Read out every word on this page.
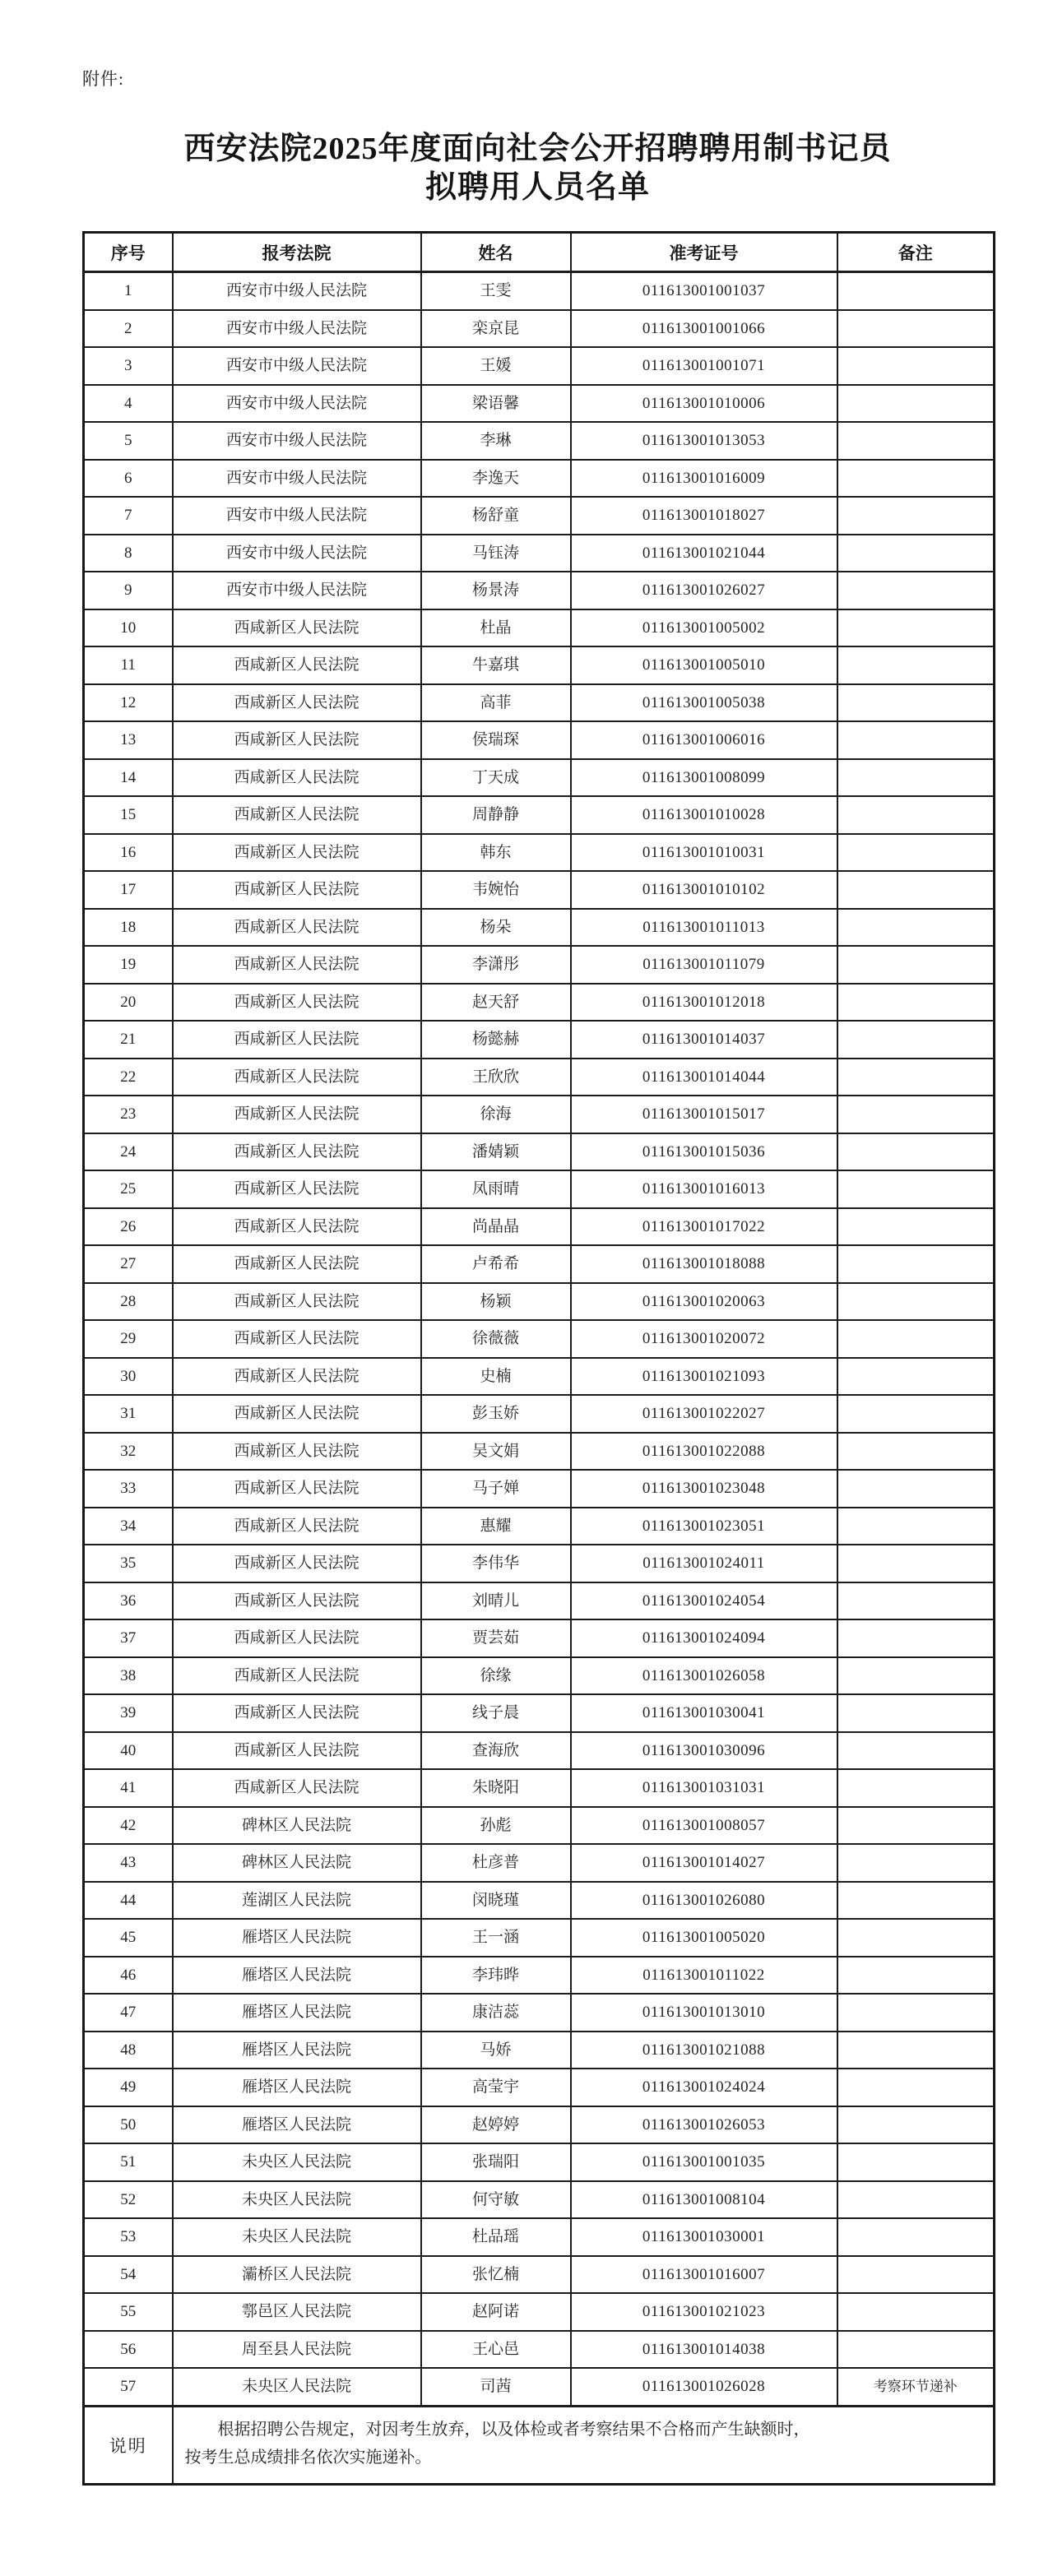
附件:
西安法院2025年度面向社会公开招聘聘用制书记员
拟聘用人员名单
序号	报考法院	姓名	准考证号	备注
1	西安市中级人民法院	王雯	011613001001037	
2	西安市中级人民法院	栾京昆	011613001001066	
3	西安市中级人民法院	王媛	011613001001071	
4	西安市中级人民法院	梁语馨	011613001010006	
5	西安市中级人民法院	李琳	011613001013053	
6	西安市中级人民法院	李逸天	011613001016009	
7	西安市中级人民法院	杨舒童	011613001018027	
8	西安市中级人民法院	马钰涛	011613001021044	
9	西安市中级人民法院	杨景涛	011613001026027	
10	西咸新区人民法院	杜晶	011613001005002	
11	西咸新区人民法院	牛嘉琪	011613001005010	
12	西咸新区人民法院	高菲	011613001005038	
13	西咸新区人民法院	侯瑞琛	011613001006016	
14	西咸新区人民法院	丁天成	011613001008099	
15	西咸新区人民法院	周静静	011613001010028	
16	西咸新区人民法院	韩东	011613001010031	
17	西咸新区人民法院	韦婉怡	011613001010102	
18	西咸新区人民法院	杨朵	011613001011013	
19	西咸新区人民法院	李潇彤	011613001011079	
20	西咸新区人民法院	赵天舒	011613001012018	
21	西咸新区人民法院	杨懿赫	011613001014037	
22	西咸新区人民法院	王欣欣	011613001014044	
23	西咸新区人民法院	徐海	011613001015017	
24	西咸新区人民法院	潘婧颖	011613001015036	
25	西咸新区人民法院	凤雨晴	011613001016013	
26	西咸新区人民法院	尚晶晶	011613001017022	
27	西咸新区人民法院	卢希希	011613001018088	
28	西咸新区人民法院	杨颖	011613001020063	
29	西咸新区人民法院	徐薇薇	011613001020072	
30	西咸新区人民法院	史楠	011613001021093	
31	西咸新区人民法院	彭玉娇	011613001022027	
32	西咸新区人民法院	吴文娟	011613001022088	
33	西咸新区人民法院	马子婵	011613001023048	
34	西咸新区人民法院	惠耀	011613001023051	
35	西咸新区人民法院	李伟华	011613001024011	
36	西咸新区人民法院	刘晴儿	011613001024054	
37	西咸新区人民法院	贾芸茹	011613001024094	
38	西咸新区人民法院	徐缘	011613001026058	
39	西咸新区人民法院	线子晨	011613001030041	
40	西咸新区人民法院	查海欣	011613001030096	
41	西咸新区人民法院	朱晓阳	011613001031031	
42	碑林区人民法院	孙彪	011613001008057	
43	碑林区人民法院	杜彦普	011613001014027	
44	莲湖区人民法院	闵晓瑾	011613001026080	
45	雁塔区人民法院	王一涵	011613001005020	
46	雁塔区人民法院	李玮晔	011613001011022	
47	雁塔区人民法院	康洁蕊	011613001013010	
48	雁塔区人民法院	马娇	011613001021088	
49	雁塔区人民法院	高莹宇	011613001024024	
50	雁塔区人民法院	赵婷婷	011613001026053	
51	未央区人民法院	张瑞阳	011613001001035	
52	未央区人民法院	何守敏	011613001008104	
53	未央区人民法院	杜品瑶	011613001030001	
54	灞桥区人民法院	张忆楠	011613001016007	
55	鄠邑区人民法院	赵阿诺	011613001021023	
56	周至县人民法院	王心邑	011613001014038	
57	未央区人民法院	司茜	011613001026028	考察环节递补
说明	根据招聘公告规定，对因考生放弃，以及体检或者考察结果不合格而产生缺额时，
按考生总成绩排名依次实施递补。			
